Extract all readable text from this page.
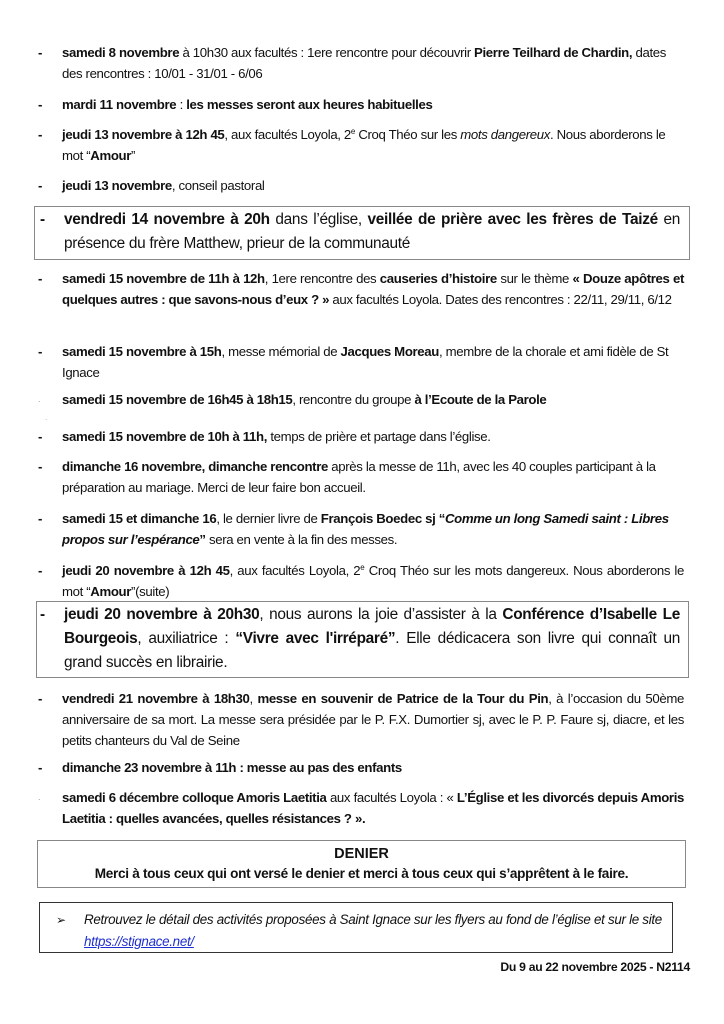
-	samedi 8 novembre à 10h30 aux facultés : 1ere rencontre pour découvrir Pierre Teilhard de Chardin, dates des rencontres : 10/01 - 31/01 - 6/06
-	mardi 11 novembre : les messes seront aux heures habituelles
-	jeudi 13 novembre à 12h 45, aux facultés Loyola, 2e Croq Théo sur les mots dangereux. Nous aborderons le mot “Amour”
-	jeudi 13 novembre, conseil pastoral
-	vendredi 14 novembre à 20h dans l’église, veillée de prière avec les frères de Taizé en présence du frère Matthew, prieur de la communauté
-	samedi 15 novembre de 11h à 12h, 1ere rencontre des causeries d’histoire sur le thème « Douze apôtres et quelques autres : que savons-nous d’eux ? » aux facultés Loyola. Dates des rencontres : 22/11, 29/11, 6/12
-	samedi 15 novembre à 15h, messe mémorial de Jacques Moreau, membre de la chorale et ami fidèle de St Ignace
.	samedi 15 novembre de 16h45 à 18h15, rencontre du groupe à l’Ecoute de la Parole
.
-	samedi 15 novembre de 10h à 11h, temps de prière et partage dans l’église.
-	dimanche 16 novembre, dimanche rencontre après la messe de 11h, avec les 40 couples participant à la préparation au mariage. Merci de leur faire bon accueil.
-	samedi 15 et dimanche 16, le dernier livre de François Boedec sj “Comme un long Samedi saint : Libres propos sur l’espérance” sera en vente à la fin des messes.
-	jeudi 20 novembre à 12h 45, aux facultés Loyola, 2e Croq Théo sur les mots dangereux. Nous aborderons le mot “Amour”(suite)
-	jeudi 20 novembre à 20h30, nous aurons la joie d’assister à la Conférence d’Isabelle Le Bourgeois, auxiliatrice : “Vivre avec l'irréparé”. Elle dédicacera son livre qui connaît un grand succès en librairie.
-	vendredi 21 novembre à 18h30, messe en souvenir de Patrice de la Tour du Pin, à l’occasion du 50ème anniversaire de sa mort. La messe sera présidée par le P. F.X. Dumortier sj, avec le P. P. Faure sj, diacre, et les petits chanteurs du Val de Seine
-	dimanche 23 novembre à 11h : messe au pas des enfants
.	samedi 6 décembre colloque Amoris Laetitia aux facultés Loyola : « L’Église et les divorcés depuis Amoris Laetitia : quelles avancées, quelles résistances ? ».
DENIER
Merci à tous ceux qui ont versé le denier et merci à tous ceux qui s’apprêtent à le faire.
➢ Retrouvez le détail des activités proposées à Saint Ignace sur les flyers au fond de l’église et sur le site https://stignace.net/
Du 9 au 22 novembre 2025 - N2114
